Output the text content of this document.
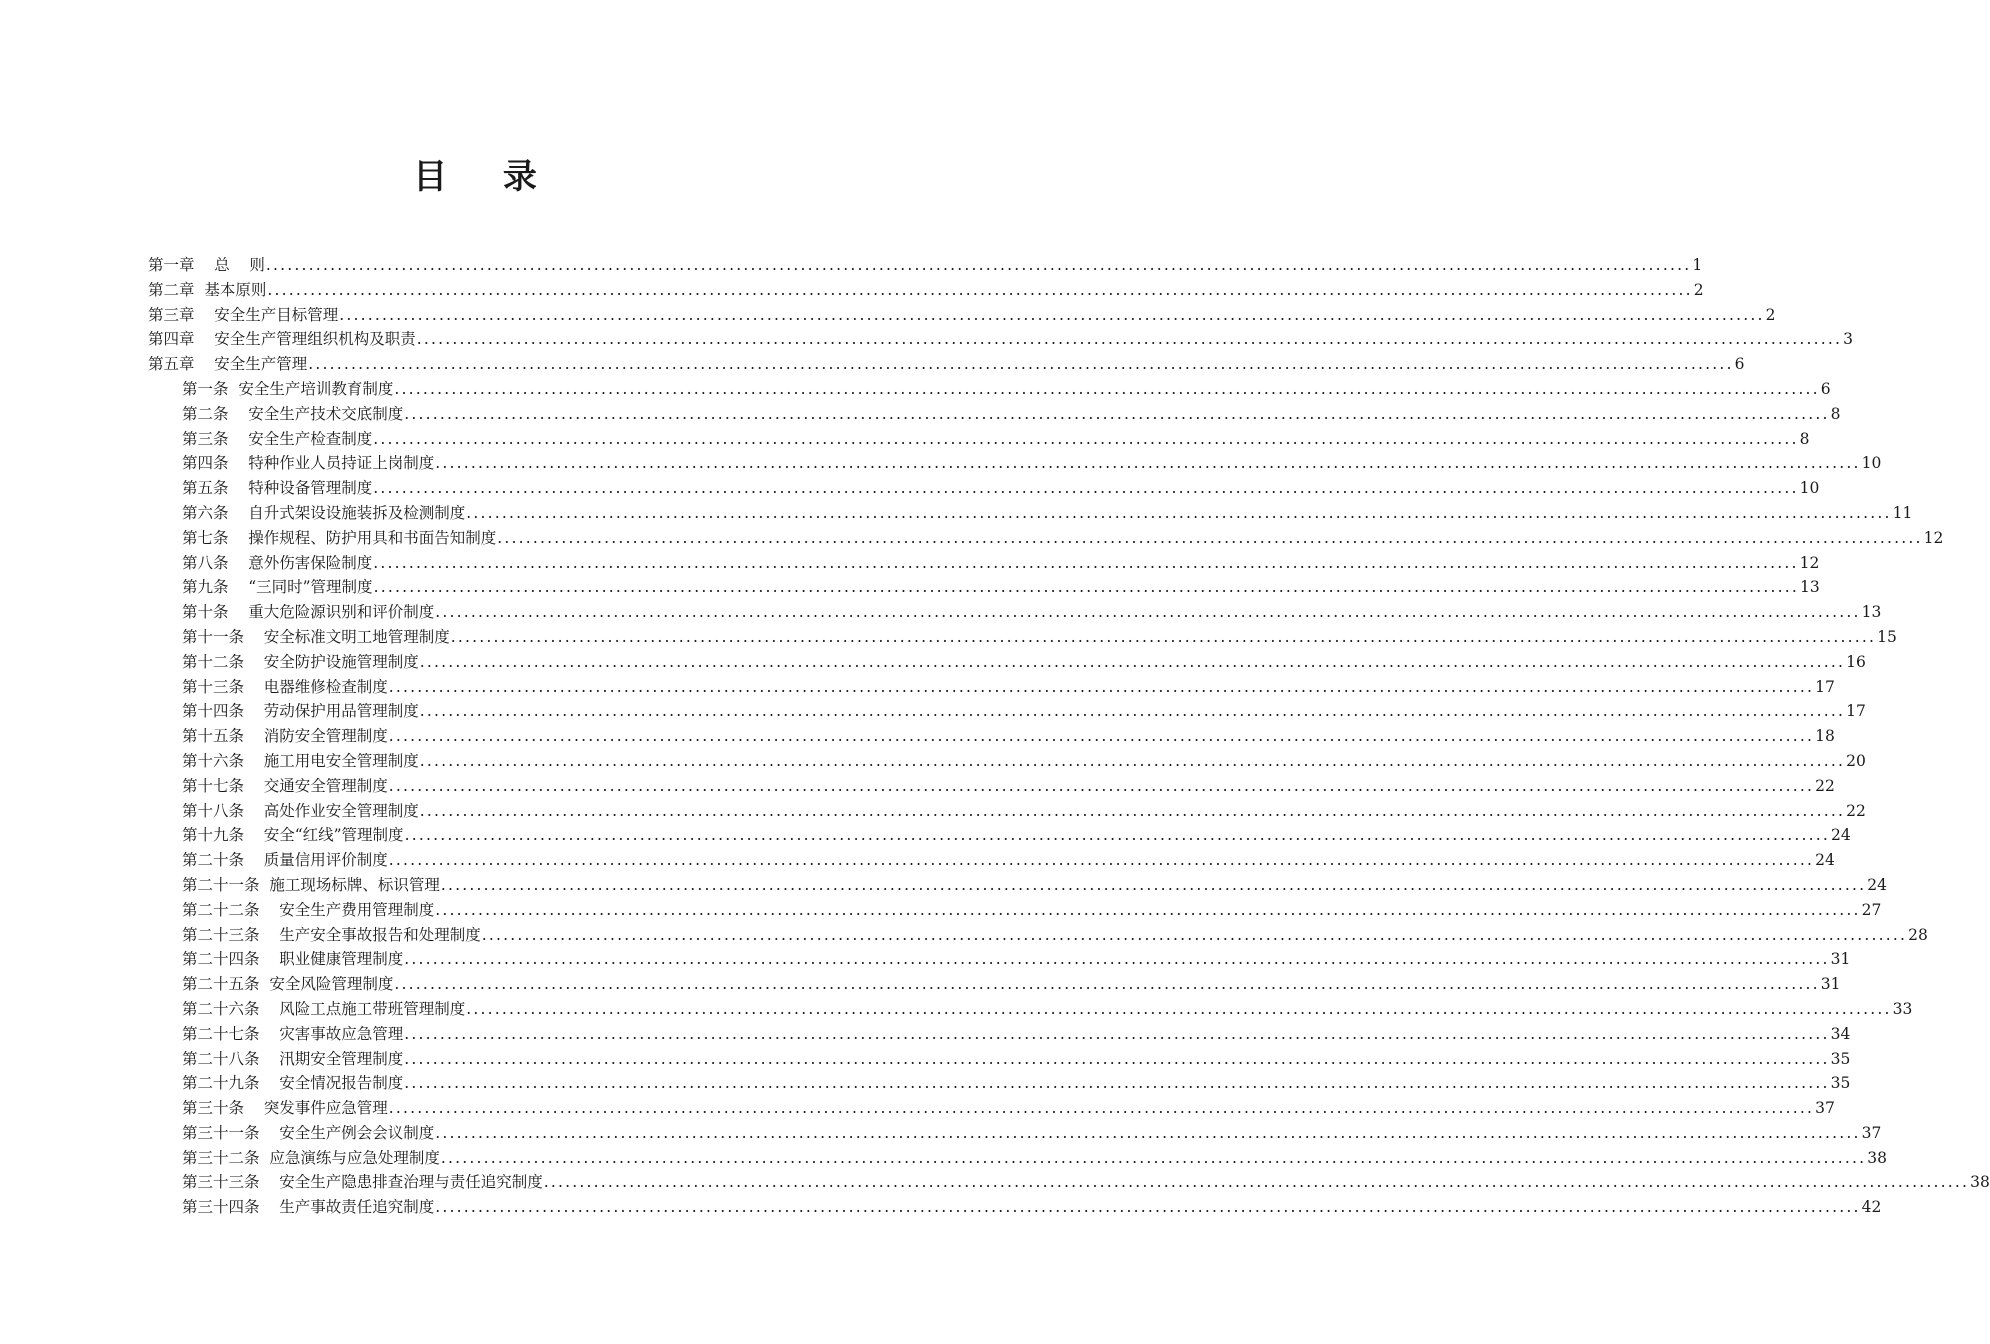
目 录
第一章    总    则 ........................................................................................................................................................................................................ 1
第二章  基本原则 ........................................................................................................................................................................................................ 2
第三章    安全生产目标管理 ........................................................................................................................................................................................................ 2
第四章    安全生产管理组织机构及职责 ........................................................................................................................................................................................................ 3
第五章    安全生产管理 ........................................................................................................................................................................................................ 6
第一条  安全生产培训教育制度 ........................................................................................................................................................................................................ 6
第二条    安全生产技术交底制度 ........................................................................................................................................................................................................ 8
第三条    安全生产检查制度 ........................................................................................................................................................................................................ 8
第四条    特种作业人员持证上岗制度 ........................................................................................................................................................................................................ 10
第五条    特种设备管理制度 ........................................................................................................................................................................................................ 10
第六条    自升式架设设施装拆及检测制度 ........................................................................................................................................................................................................ 11
第七条    操作规程、防护用具和书面告知制度 ........................................................................................................................................................................................................ 12
第八条    意外伤害保险制度 ........................................................................................................................................................................................................ 12
第九条    “三同时”管理制度 ........................................................................................................................................................................................................ 13
第十条    重大危险源识别和评价制度 ........................................................................................................................................................................................................ 13
第十一条    安全标准文明工地管理制度 ........................................................................................................................................................................................................ 15
第十二条    安全防护设施管理制度 ........................................................................................................................................................................................................ 16
第十三条    电器维修检查制度 ........................................................................................................................................................................................................ 17
第十四条    劳动保护用品管理制度 ........................................................................................................................................................................................................ 17
第十五条    消防安全管理制度 ........................................................................................................................................................................................................ 18
第十六条    施工用电安全管理制度 ........................................................................................................................................................................................................ 20
第十七条    交通安全管理制度 ........................................................................................................................................................................................................ 22
第十八条    高处作业安全管理制度 ........................................................................................................................................................................................................ 22
第十九条    安全“红线”管理制度 ........................................................................................................................................................................................................ 24
第二十条    质量信用评价制度 ........................................................................................................................................................................................................ 24
第二十一条  施工现场标牌、标识管理 ........................................................................................................................................................................................................ 24
第二十二条    安全生产费用管理制度 ........................................................................................................................................................................................................ 27
第二十三条    生产安全事故报告和处理制度 ........................................................................................................................................................................................................ 28
第二十四条    职业健康管理制度 ........................................................................................................................................................................................................ 31
第二十五条  安全风险管理制度 ........................................................................................................................................................................................................ 31
第二十六条    风险工点施工带班管理制度 ........................................................................................................................................................................................................ 33
第二十七条    灾害事故应急管理 ........................................................................................................................................................................................................ 34
第二十八条    汛期安全管理制度 ........................................................................................................................................................................................................ 35
第二十九条    安全情况报告制度 ........................................................................................................................................................................................................ 35
第三十条    突发事件应急管理 ........................................................................................................................................................................................................ 37
第三十一条    安全生产例会会议制度 ........................................................................................................................................................................................................ 37
第三十二条  应急演练与应急处理制度 ........................................................................................................................................................................................................ 38
第三十三条    安全生产隐患排查治理与责任追究制度 ........................................................................................................................................................................................................ 38
第三十四条    生产事故责任追究制度 ........................................................................................................................................................................................................ 42
